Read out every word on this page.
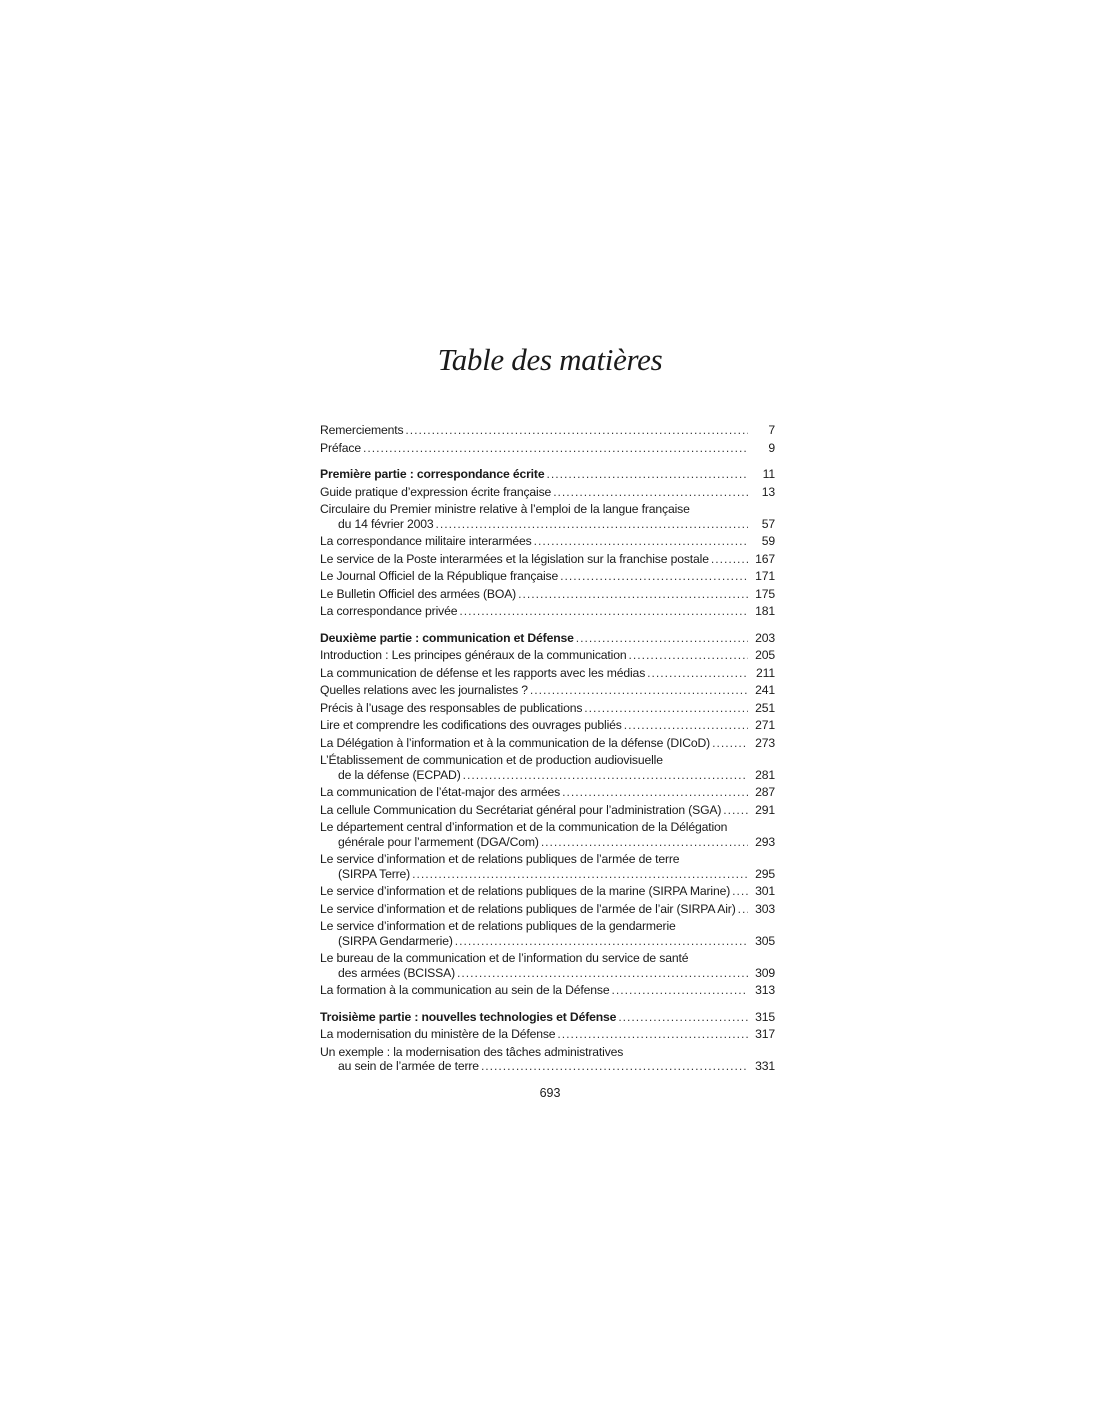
Table des matières
Remerciements . . .	7
Préface . . .	9
Première partie : correspondance écrite . . .	11
Guide pratique d’expression écrite française . . .	13
Circulaire du Premier ministre relative à l’emploi de la langue française
du 14 février 2003 . . .	57
La correspondance militaire interarmées . . .	59
Le service de la Poste interarmées et la législation sur la franchise postale . . .	167
Le Journal Officiel de la République française . . .	171
Le Bulletin Officiel des armées (BOA) . . .	175
La correspondance privée . . .	181
Deuxième partie : communication et Défense . . .	203
Introduction : Les principes généraux de la communication . . .	205
La communication de défense et les rapports avec les médias . . .	211
Quelles relations avec les journalistes ? . . .	241
Précis à l’usage des responsables de publications . . .	251
Lire et comprendre les codifications des ouvrages publiés . . .	271
La Délégation à l’information et à la communication de la défense (DICoD) . . .	273
L’Établissement de communication et de production audiovisuelle
de la défense (ECPAD) . . .	281
La communication de l’état-major des armées . . .	287
La cellule Communication du Secrétariat général pour l’administration (SGA) . . .	291
Le département central d’information et de la communication de la Délégation
générale pour l’armement (DGA/Com) . . .	293
Le service d’information et de relations publiques de l’armée de terre
(SIRPA Terre) . . .	295
Le service d’information et de relations publiques de la marine (SIRPA Marine) . . .	301
Le service d’information et de relations publiques de l’armée de l’air (SIRPA Air) . . .	303
Le service d’information et de relations publiques de la gendarmerie
(SIRPA Gendarmerie) . . .	305
Le bureau de la communication et de l’information du service de santé
des armées (BCISSA) . . .	309
La formation à la communication au sein de la Défense . . .	313
Troisième partie : nouvelles technologies et Défense . . .	315
La modernisation du ministère de la Défense . . .	317
Un exemple : la modernisation des tâches administratives
au sein de l’armée de terre . . .	331
693
